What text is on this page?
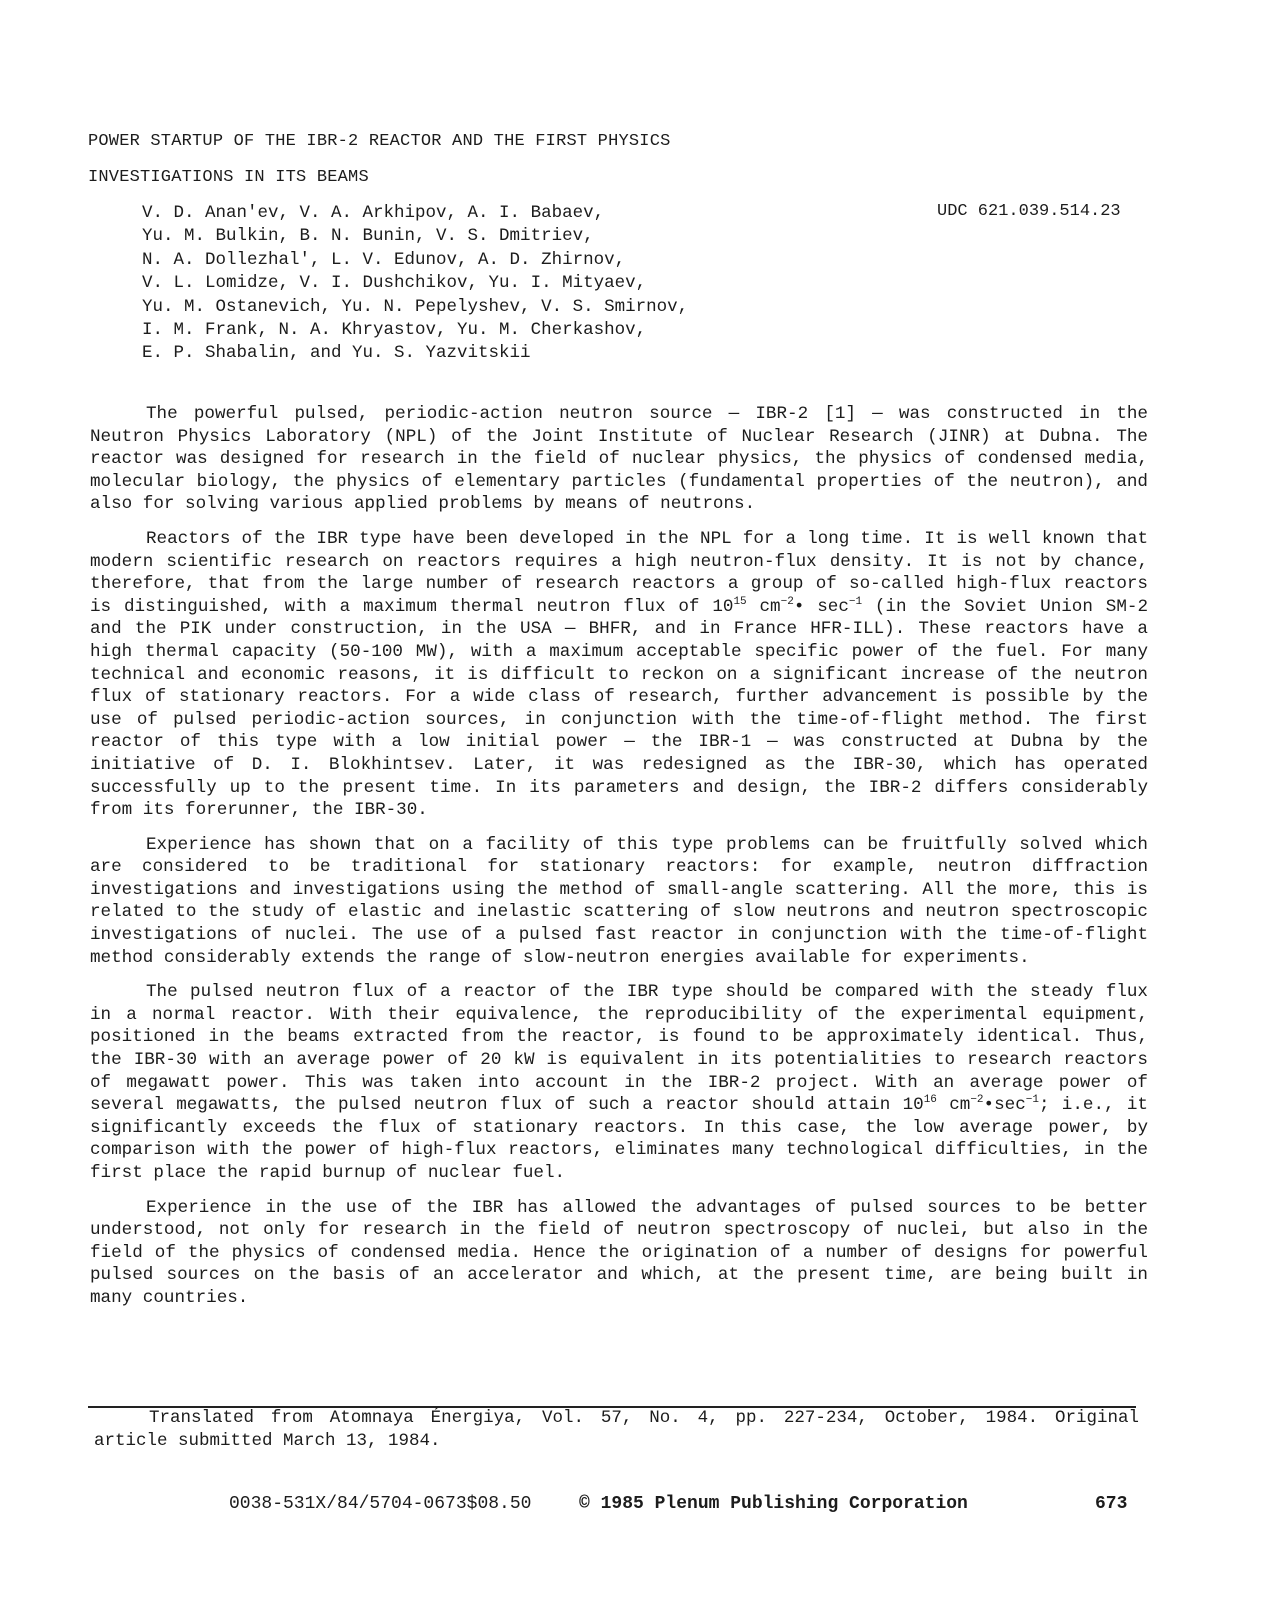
POWER STARTUP OF THE IBR-2 REACTOR AND THE FIRST PHYSICS
INVESTIGATIONS IN ITS BEAMS
V. D. Anan'ev, V. A. Arkhipov, A. I. Babaev,
Yu. M. Bulkin, B. N. Bunin, V. S. Dmitriev,
N. A. Dollezhal', L. V. Edunov, A. D. Zhirnov,
V. L. Lomidze, V. I. Dushchikov, Yu. I. Mityaev,
Yu. M. Ostanevich, Yu. N. Pepelyshev, V. S. Smirnov,
I. M. Frank, N. A. Khryastov, Yu. M. Cherkashov,
E. P. Shabalin, and Yu. S. Yazvitskii
UDC 621.039.514.23

The powerful pulsed, periodic-action neutron source — IBR-2 [1] — was constructed in the Neutron Physics Laboratory (NPL) of the Joint Institute of Nuclear Research (JINR) at Dubna. The reactor was designed for research in the field of nuclear physics, the physics of condensed media, molecular biology, the physics of elementary particles (fundamental properties of the neutron), and also for solving various applied problems by means of neutrons.

Reactors of the IBR type have been developed in the NPL for a long time. It is well known that modern scientific research on reactors requires a high neutron-flux density. It is not by chance, therefore, that from the large number of research reactors a group of so-called high-flux reactors is distinguished, with a maximum thermal neutron flux of $10^{15}$ $cm^{-2}•$ $\sec^{-1} (in$ the Soviet Union SM-2 and the PIK under construction, in the USA — BHFR, and in France HFR-ILL). These reactors have a high thermal capacity (50-100 MW), with a maximum acceptable specific power of the fuel. For many technical and economic reasons, it is difficult to reckon on a significant increase of the neutron flux of stationary reactors. For a wide class of research, further advancement is possible by the use of pulsed periodic-action sources, in conjunction with the time-of-flight method. The first reactor of this type with a low initial power — the IBR-1 — was constructed at Dubna by the initiative of D. I. Blokhintsev. Later, it was redesigned as the IBR-30, which has operated successfully up to the present time. In its parameters and design, the IBR-2 differs considerably from its forerunner, the IBR-30.

Experience has shown that on a facility of this type problems can be fruitfully solved which are considered to be traditional for stationary reactors: for example, neutron diffraction investigations and investigations using the method of small-angle scattering. All the more, this is related to the study of elastic and inelastic scattering of slow neutrons and neutron spectroscopic investigations of nuclei. The use of a pulsed fast reactor in conjunction with the time-of-flight method considerably extends the range of slow-neutron energies available for experiments.

The pulsed neutron flux of a reactor of the IBR type should be compared with the steady flux in a normal reactor. With their equivalence, the reproducibility of the experimental equipment, positioned in the beams extracted from the reactor, is found to be approximately identical. Thus, the IBR-30 with an average power of 20 kW is equivalent in its potentialities to research reactors of megawatt power. This was taken into account in the IBR-2 project. With an average power of several megawatts, the pulsed neutron flux of such a reactor should attain $10^{16}$ $cm^{-2}•\sec^{-1}$; i.e., it significantly exceeds the flux of stationary reactors. In this case, the low average power, by comparison with the power of high-flux reactors, eliminates many technological difficulties, in the first place the rapid burnup of nuclear fuel.

Experience in the use of the IBR has allowed the advantages of pulsed sources to be better understood, not only for research in the field of neutron spectroscopy of nuclei, but also in the field of the physics of condensed media. Hence the origination of a number of designs for powerful pulsed sources on the basis of an accelerator and which, at the present time, are being built in many countries.

Translated from Atomnaya Énergiya, Vol. 57, No. 4, pp. 227-234, October, 1984. Original article submitted March 13, 1984.
0038-531X/84/5704-0673$08.50	© 1985 Plenum Publishing Corporation	673
